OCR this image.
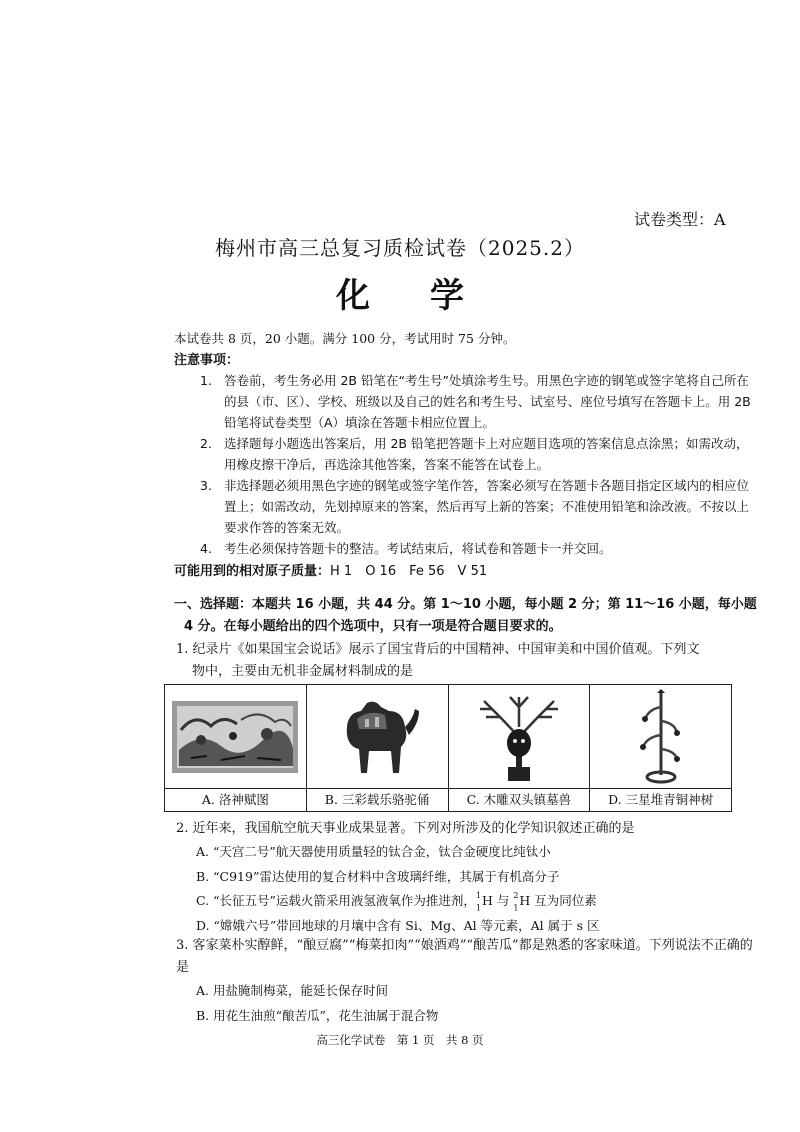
试卷类型：A
梅州市高三总复习质检试卷（2025.2）
化学
本试卷共 8 页，20 小题。满分 100 分，考试用时 75 分钟。
注意事项：
1. 答卷前，考生务必用 2B 铅笔在“考生号”处填涂考生号。用黑色字迹的钢笔或签字笔将自己所在的县（市、区）、学校、班级以及自己的姓名和考生号、试室号、座位号填写在答题卡上。用 2B 铅笔将试卷类型（A）填涂在答题卡相应位置上。
2. 选择题每小题选出答案后，用 2B 铅笔把答题卡上对应题目选项的答案信息点涂黑；如需改动，用橡皮擦干净后，再选涂其他答案，答案不能答在试卷上。
3. 非选择题必须用黑色字迹的钢笔或签字笔作答，答案必须写在答题卡各题目指定区域内的相应位置上；如需改动，先划掉原来的答案，然后再写上新的答案；不准使用铅笔和涂改液。不按以上要求作答的答案无效。
4. 考生必须保持答题卡的整洁。考试结束后，将试卷和答题卡一并交回。
可能用到的相对原子质量：H 1　O 16　Fe 56　V 51
一、选择题：本题共 16 小题，共 44 分。第 1～10 小题，每小题 2 分；第 11～16 小题，每小题 4 分。在每小题给出的四个选项中，只有一项是符合题目要求的。
1. 纪录片《如果国宝会说话》展示了国宝背后的中国精神、中国审美和中国价值观。下列文
物中，主要由无机非金属材料制成的是
A. 洛神赋图	B. 三彩载乐骆驼俑	C. 木雕双头镇墓兽	D. 三星堆青铜神树
2. 近年来，我国航空航天事业成果显著。下列对所涉及的化学知识叙述正确的是
A. “天宫二号”航天器使用质量轻的钛合金，钛合金硬度比纯钛小
B. “C919”雷达使用的复合材料中含玻璃纤维，其属于有机高分子
C. “长征五号”运载火箭采用液氢液氧作为推进剂，$^1$
$_1$H 与 $^2$
$_1$H 互为同位素
D. “嫦娥六号”带回地球的月壤中含有 Si、Mg、Al 等元素，Al 属于 s 区
3. 客家菜朴实醇鲜，“酿豆腐”“梅菜扣肉”“娘酒鸡”“酿苦瓜”都是熟悉的客家味道。下列说法不正确的是
A. 用盐腌制梅菜，能延长保存时间
B. 用花生油煎“酿苦瓜”，花生油属于混合物
高三化学试卷　第 1 页　共 8 页
